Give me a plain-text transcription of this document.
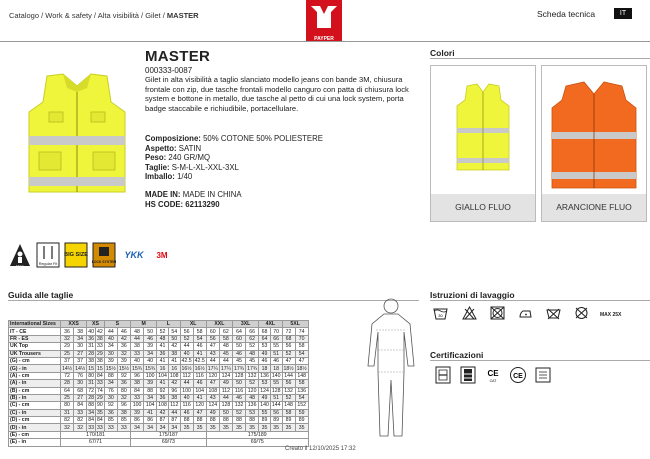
Catalogo / Work & safety / Alta visibilità / Gilet / MASTER
PAYPER
Scheda tecnica	IT
MASTER
000333-0087
Gilet in alta visibilità a taglio slanciato modello jeans con bande 3M, chiusura frontale con zip, due tasche frontali modello canguro con patta di chiusura lock system e bottone in metallo, due tasche al petto di cui una lock system, porta badge staccabile e richiudibile, portacellulare.
Composizione: 50% COTONE 50% POLIESTERE
Aspetto: SATIN
Peso: 240 GR/MQ
Taglie: S-M-L-XL-XXL-3XL
Imballo: 1/40
MADE IN: MADE IN CHINA
HS CODE: 62113290
Colori
GIALLO FLUO	ARANCIONE FLUO
Man	Regular Fit
BIG SIZE
LOCK SYSTEM
YKK 3M
Guida alle taglie
International Sizes	XXS		XS		S		M		L		XL		XXL		3XL		4XL		5XL	
IT - CE	36	38	40	42	44	46	48	50	52	54	56	58	60	62	64	66	68	70	72	74
FR - ES	32	34	36	38	40	42	44	46	48	50	52	54	56	58	60	62	64	66	68	70
UK Top	29	30	31	33	34	36	38	39	41	42	44	46	47	48	50	52	53	55	56	58
UK Trousers	25	27	28	29	30	32	33	34	36	38	40	41	43	45	46	48	49	51	52	54
(G) - cm	37	37	38	38	39	39	40	40	41	41	42.5	42.5	44	44	45	45	46	46	47	47
(G) - in	14½	14½	15	15	15½	15½	15¾	15¾	16	16	16½	16½	17¼	17¼	17¾	17¾	18	18	18½	18½
(A) - cm	72	76	80	84	88	92	96	100	104	108	112	116	120	124	128	132	136	140	144	148
(A) - in	28	30	31	33	34	36	38	39	41	42	44	46	47	49	50	52	53	55	56	58
(B) - cm	64	68	72	74	76	80	84	88	92	96	100	104	108	112	116	120	124	128	132	136
(B) - in	25	27	28	29	30	32	33	34	36	38	40	41	43	44	46	48	49	51	52	54
(C) - cm	80	84	88	90	92	96	100	104	108	112	116	120	124	128	132	136	140	144	148	152
(C) - in	31	33	34	35	36	38	39	41	42	44	46	47	49	50	52	53	55	56	58	59
(D) - cm	82	82	84	84	85	85	86	86	87	87	88	88	88	88	88	88	89	89	89	89
(D) - in	32	32	33	33	33	33	34	34	34	34	35	35	35	35	35	35	35	35	35	35
(E) - cm	170/181						175/187						175/189							
(E) - in	67/71						69/73						69/75							
Istruzioni di lavaggio
30	MAX 25X
Certificazioni
CE
CAT
CE
Creato il 12/10/2025 17:32
